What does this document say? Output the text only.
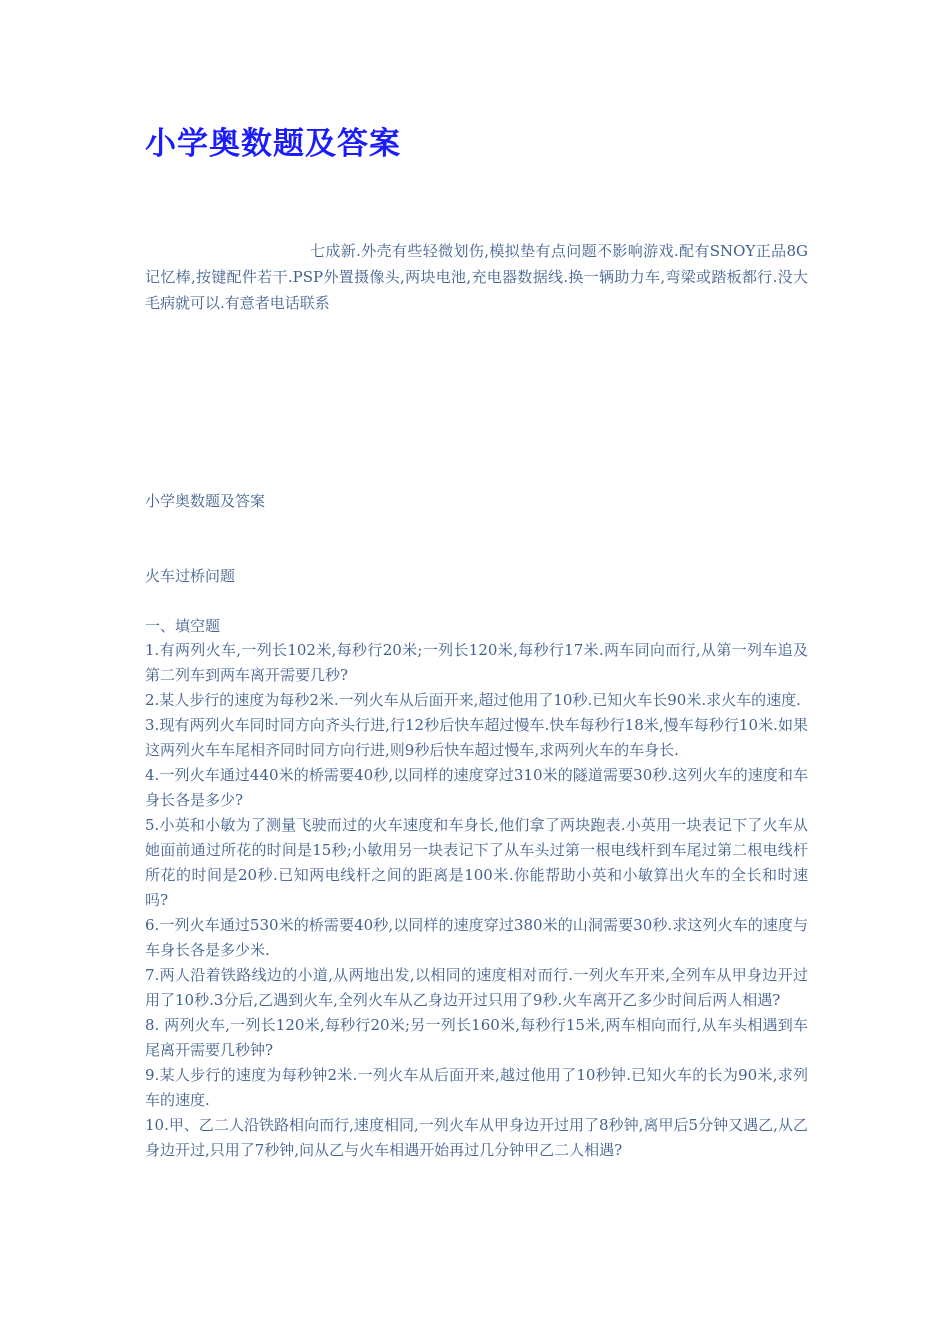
小学奥数题及答案

七成新.外壳有些轻微划伤,模拟垫有点问题不影响游戏.配有SNOY正品8G记忆棒,按键配件若干.PSP外置摄像头,两块电池,充电器数据线.换一辆助力车,弯梁或踏板都行.没大毛病就可以.有意者电话联系

小学奥数题及答案

火车过桥问题

一、填空题

1.有两列火车,一列长102米,每秒行20米;一列长120米,每秒行17米.两车同向而行,从第一列车追及第二列车到两车离开需要几秒?
2.某人步行的速度为每秒2米.一列火车从后面开来,超过他用了10秒.已知火车长90米.求火车的速度.
3.现有两列火车同时同方向齐头行进,行12秒后快车超过慢车.快车每秒行18米,慢车每秒行10米.如果这两列火车车尾相齐同时同方向行进,则9秒后快车超过慢车,求两列火车的车身长.
4.一列火车通过440米的桥需要40秒,以同样的速度穿过310米的隧道需要30秒.这列火车的速度和车身长各是多少?
5.小英和小敏为了测量飞驶而过的火车速度和车身长,他们拿了两块跑表.小英用一块表记下了火车从她面前通过所花的时间是15秒;小敏用另一块表记下了从车头过第一根电线杆到车尾过第二根电线杆所花的时间是20秒.已知两电线杆之间的距离是100米.你能帮助小英和小敏算出火车的全长和时速吗?
6.一列火车通过530米的桥需要40秒,以同样的速度穿过380米的山洞需要30秒.求这列火车的速度与车身长各是多少米.
7.两人沿着铁路线边的小道,从两地出发,以相同的速度相对而行.一列火车开来,全列车从甲身边开过用了10秒.3分后,乙遇到火车,全列火车从乙身边开过只用了9秒.火车离开乙多少时间后两人相遇?
8. 两列火车,一列长120米,每秒行20米;另一列长160米,每秒行15米,两车相向而行,从车头相遇到车尾离开需要几秒钟?
9.某人步行的速度为每秒钟2米.一列火车从后面开来,越过他用了10秒钟.已知火车的长为90米,求列车的速度.
10.甲、乙二人沿铁路相向而行,速度相同,一列火车从甲身边开过用了8秒钟,离甲后5分钟又遇乙,从乙身边开过,只用了7秒钟,问从乙与火车相遇开始再过几分钟甲乙二人相遇?
